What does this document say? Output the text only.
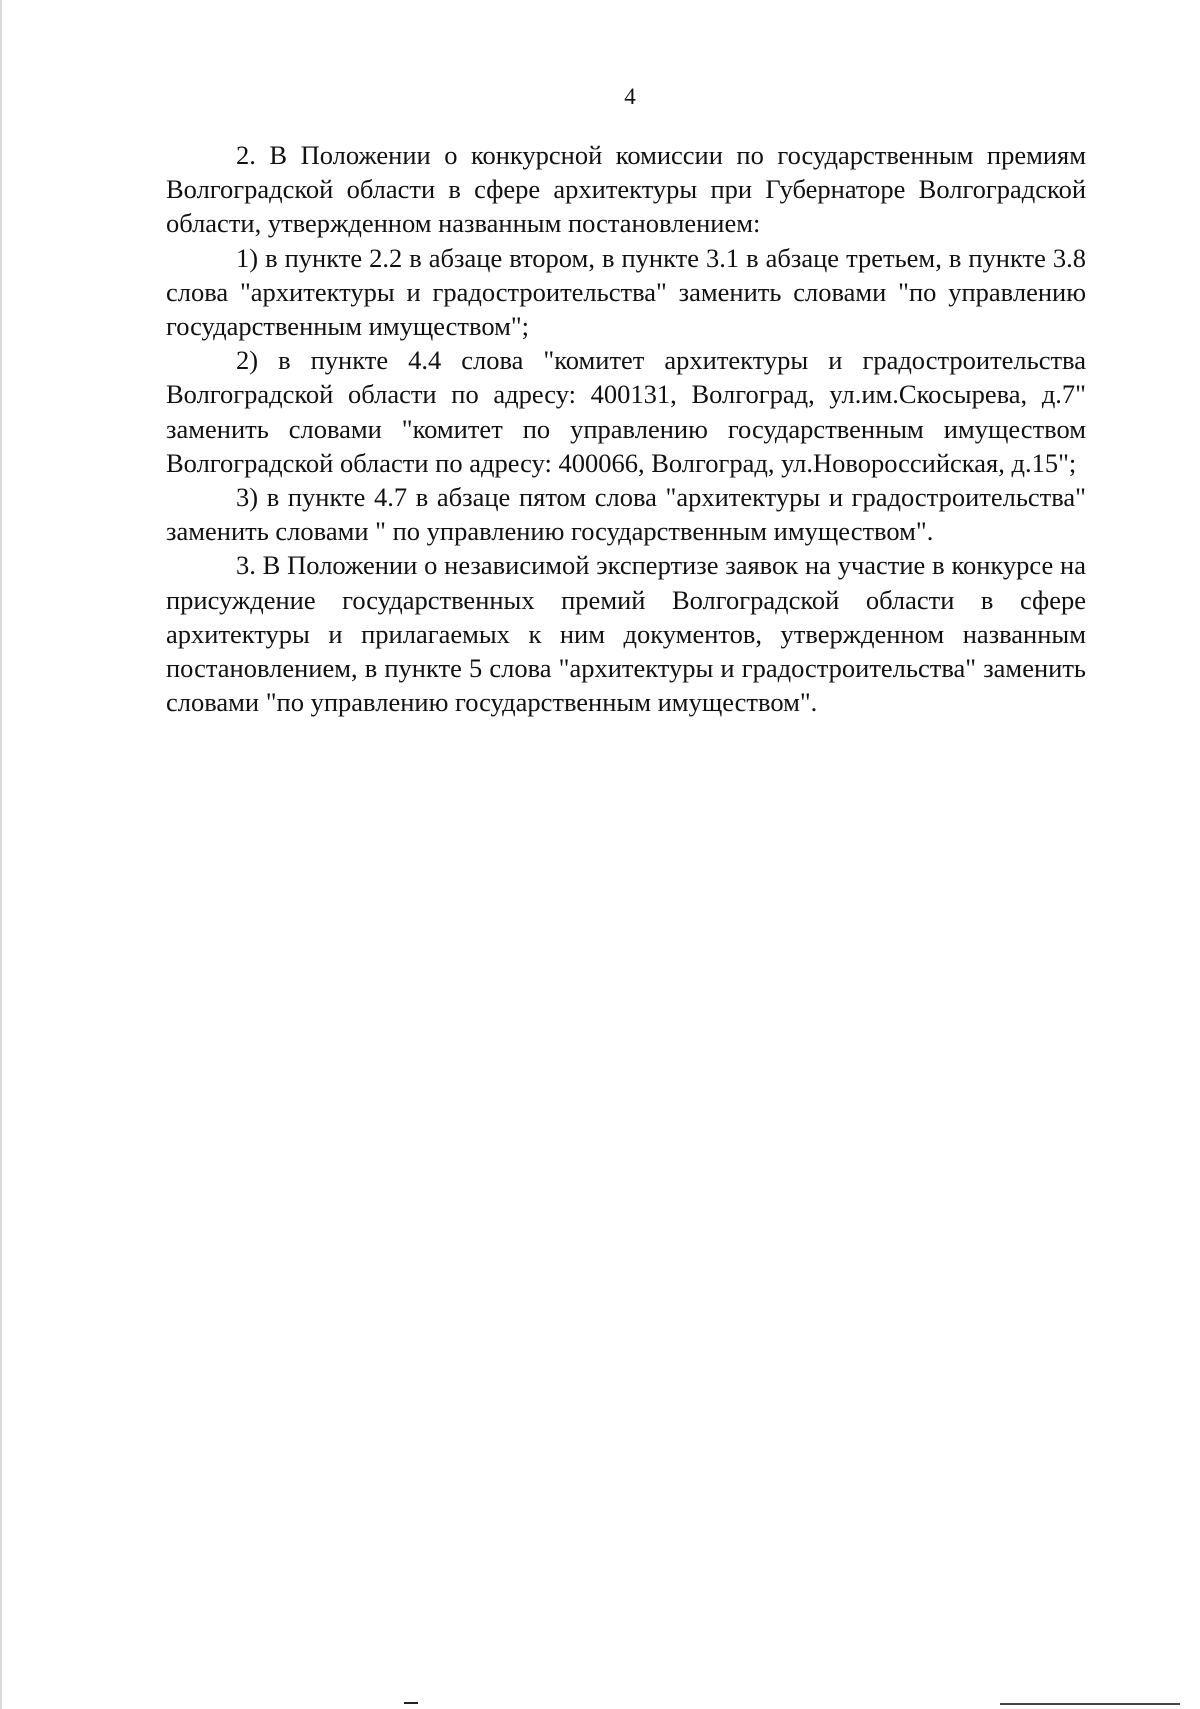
4

2. В Положении о конкурсной комиссии по государственным премиям Волгоградской области в сфере архитектуры при Губернаторе Волгоградской области, утвержденном названным постановлением:

1) в пункте 2.2 в абзаце втором, в пункте 3.1 в абзаце третьем, в пункте 3.8 слова "архитектуры и градостроительства" заменить словами "по управлению государственным имуществом";

2) в пункте 4.4 слова "комитет архитектуры и градостроительства Волгоградской области по адресу: 400131, Волгоград, ул.им.Скосырева, д.7" заменить словами "комитет по управлению государственным имуществом Волгоградской области по адресу: 400066, Волгоград, ул.Новороссийская, д.15";

3) в пункте 4.7 в абзаце пятом слова "архитектуры и градостроительства" заменить словами " по управлению государственным имуществом".

3. В Положении о независимой экспертизе заявок на участие в конкурсе на присуждение государственных премий Волгоградской области в сфере архитектуры и прилагаемых к ним документов, утвержденном названным постановлением, в пункте 5 слова "архитектуры и градостроительства" заменить словами "по управлению государственным имуществом".
